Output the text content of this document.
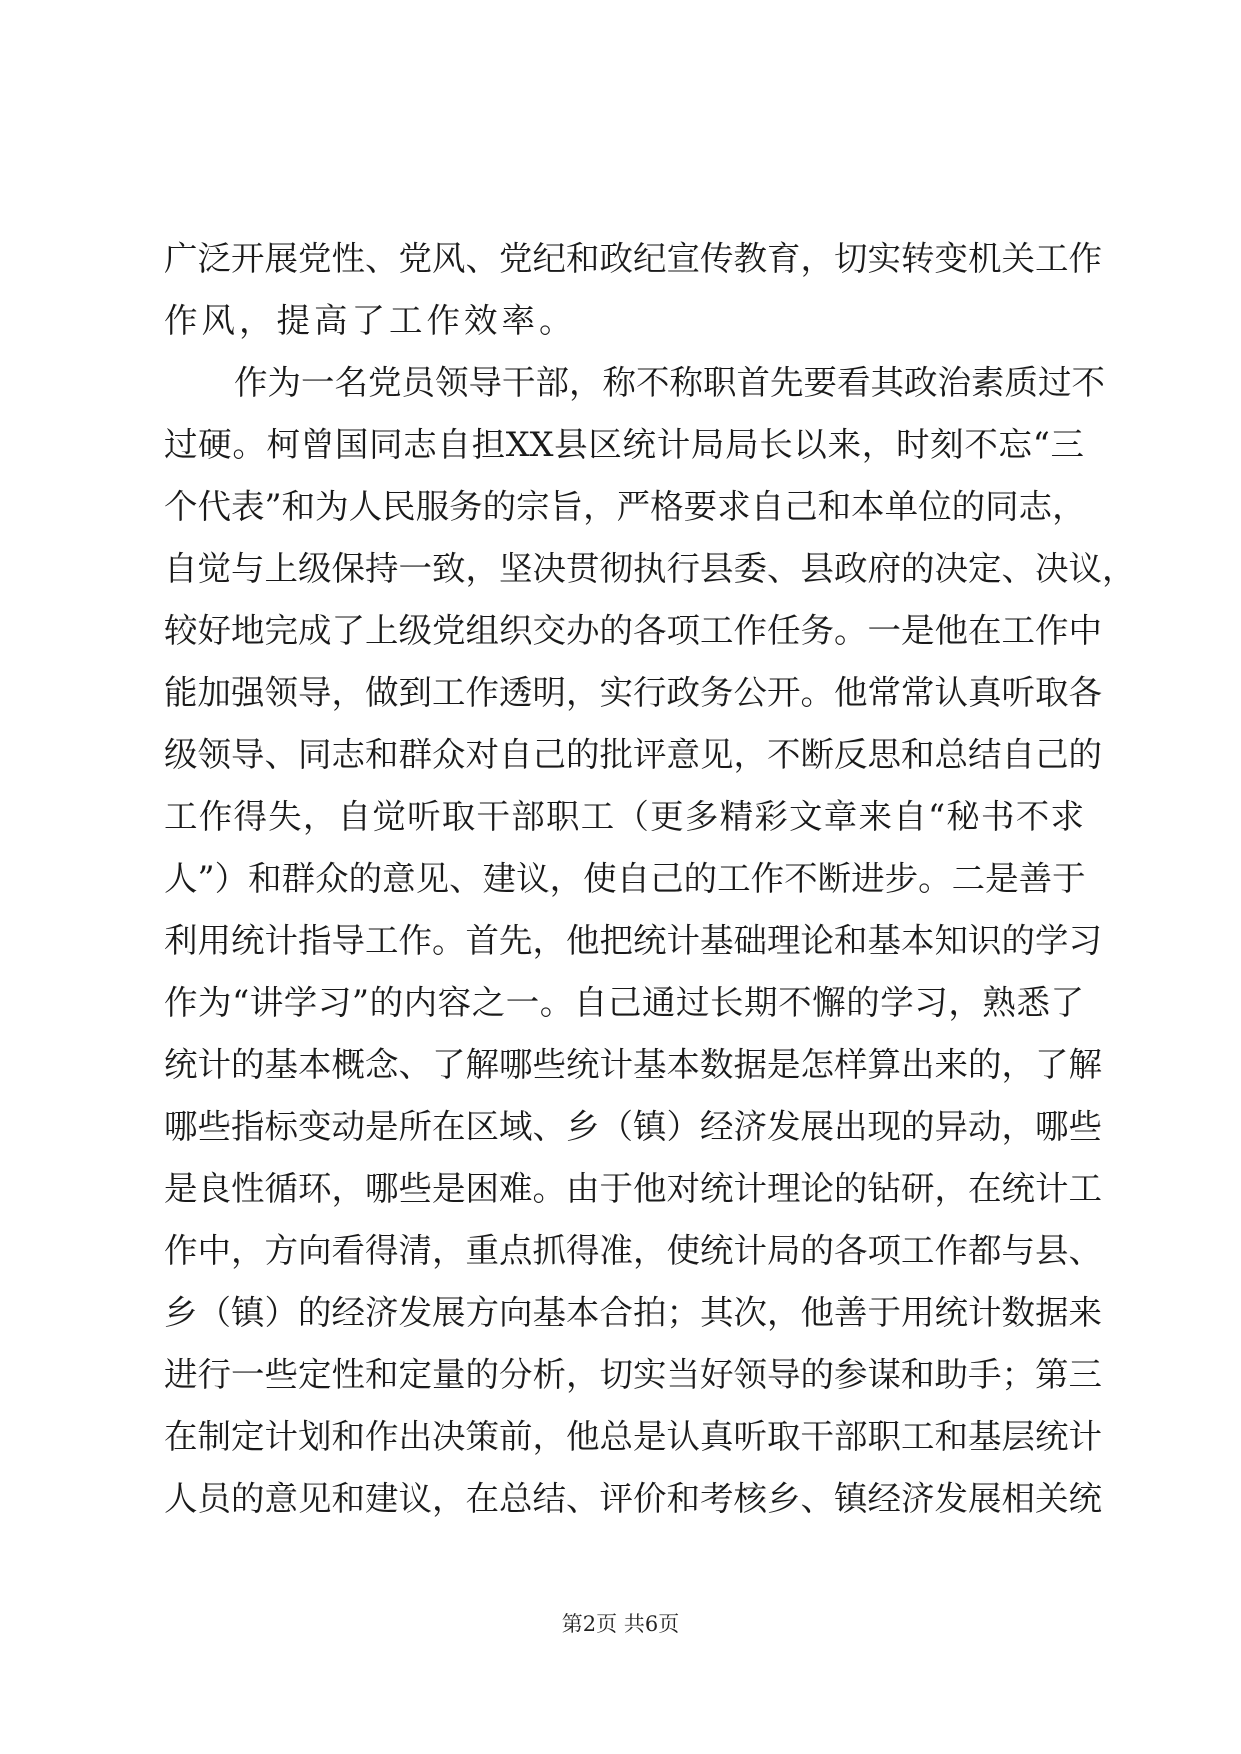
广泛开展党性、党风、党纪和政纪宣传教育，切实转变机关工作
作风，提高了工作效率。
作为一名党员领导干部，称不称职首先要看其政治素质过不
过硬。柯曾国同志自担XX县区统计局局长以来，时刻不忘“三
个代表”和为人民服务的宗旨，严格要求自己和本单位的同志，
自觉与上级保持一致，坚决贯彻执行县委、县政府的决定、决议，
较好地完成了上级党组织交办的各项工作任务。一是他在工作中
能加强领导，做到工作透明，实行政务公开。他常常认真听取各
级领导、同志和群众对自己的批评意见，不断反思和总结自己的
工作得失，自觉听取干部职工（更多精彩文章来自“秘书不求
人”）和群众的意见、建议，使自己的工作不断进步。二是善于
利用统计指导工作。首先，他把统计基础理论和基本知识的学习
作为“讲学习”的内容之一。自己通过长期不懈的学习，熟悉了
统计的基本概念、了解哪些统计基本数据是怎样算出来的，了解
哪些指标变动是所在区域、乡（镇）经济发展出现的异动，哪些
是良性循环，哪些是困难。由于他对统计理论的钻研，在统计工
作中，方向看得清，重点抓得准，使统计局的各项工作都与县、
乡（镇）的经济发展方向基本合拍；其次，他善于用统计数据来
进行一些定性和定量的分析，切实当好领导的参谋和助手；第三
在制定计划和作出决策前，他总是认真听取干部职工和基层统计
人员的意见和建议，在总结、评价和考核乡、镇经济发展相关统
第2页 共6页
